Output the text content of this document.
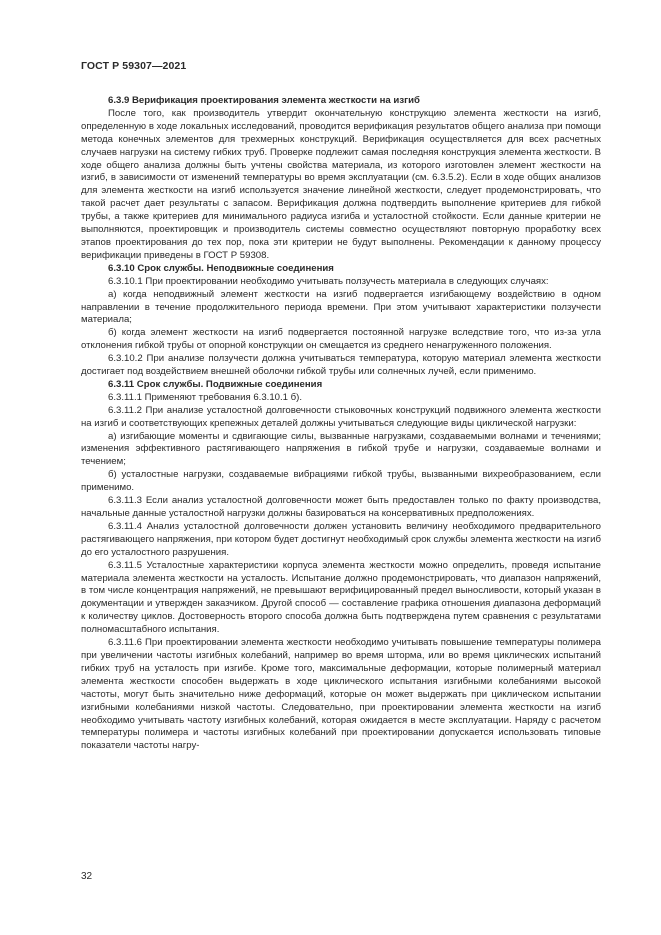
ГОСТ Р 59307—2021

6.3.9 Верификация проектирования элемента жесткости на изгиб

После того, как производитель утвердит окончательную конструкцию элемента жесткости на изгиб, определенную в ходе локальных исследований, проводится верификация результатов общего анализа при помощи метода конечных элементов для трехмерных конструкций. Верификация осуществляется для всех расчетных случаев нагрузки на систему гибких труб. Проверке подлежит самая последняя конструкция элемента жесткости. В ходе общего анализа должны быть учтены свойства материала, из которого изготовлен элемент жесткости на изгиб, в зависимости от изменений температуры во время эксплуатации (см. 6.3.5.2). Если в ходе общих анализов для элемента жесткости на изгиб используется значение линейной жесткости, следует продемонстрировать, что такой расчет дает результаты с запасом. Верификация должна подтвердить выполнение критериев для гибкой трубы, а также критериев для минимального радиуса изгиба и усталостной стойкости. Если данные критерии не выполняются, проектировщик и производитель системы совместно осуществляют повторную проработку всех этапов проектирования до тех пор, пока эти критерии не будут выполнены. Рекомендации к данному процессу верификации приведены в ГОСТ Р 59308.

6.3.10 Срок службы. Неподвижные соединения

6.3.10.1 При проектировании необходимо учитывать ползучесть материала в следующих случаях:

а) когда неподвижный элемент жесткости на изгиб подвергается изгибающему воздействию в одном направлении в течение продолжительного периода времени. При этом учитывают характеристики ползучести материала;

б) когда элемент жесткости на изгиб подвергается постоянной нагрузке вследствие того, что из-за угла отклонения гибкой трубы от опорной конструкции он смещается из среднего ненагруженного положения.

6.3.10.2 При анализе ползучести должна учитываться температура, которую материал элемента жесткости достигает под воздействием внешней оболочки гибкой трубы или солнечных лучей, если применимо.

6.3.11 Срок службы. Подвижные соединения

6.3.11.1 Применяют требования 6.3.10.1 б).

6.3.11.2 При анализе усталостной долговечности стыковочных конструкций подвижного элемента жесткости на изгиб и соответствующих крепежных деталей должны учитываться следующие виды циклической нагрузки:

а) изгибающие моменты и сдвигающие силы, вызванные нагрузками, создаваемыми волнами и течениями; изменения эффективного растягивающего напряжения в гибкой трубе и нагрузки, создаваемые волнами и течением;

б) усталостные нагрузки, создаваемые вибрациями гибкой трубы, вызванными вихреобразованием, если применимо.

6.3.11.3 Если анализ усталостной долговечности может быть предоставлен только по факту производства, начальные данные усталостной нагрузки должны базироваться на консервативных предположениях.

6.3.11.4 Анализ усталостной долговечности должен установить величину необходимого предварительного растягивающего напряжения, при котором будет достигнут необходимый срок службы элемента жесткости на изгиб до его усталостного разрушения.

6.3.11.5 Усталостные характеристики корпуса элемента жесткости можно определить, проведя испытание материала элемента жесткости на усталость. Испытание должно продемонстрировать, что диапазон напряжений, в том числе концентрация напряжений, не превышают верифицированный предел выносливости, который указан в документации и утвержден заказчиком. Другой способ — составление графика отношения диапазона деформаций к количеству циклов. Достоверность второго способа должна быть подтверждена путем сравнения с результатами полномасштабного испытания.

6.3.11.6 При проектировании элемента жесткости необходимо учитывать повышение температуры полимера при увеличении частоты изгибных колебаний, например во время шторма, или во время циклических испытаний гибких труб на усталость при изгибе. Кроме того, максимальные деформации, которые полимерный материал элемента жесткости способен выдержать в ходе циклического испытания изгибными колебаниями высокой частоты, могут быть значительно ниже деформаций, которые он может выдержать при циклическом испытании изгибными колебаниями низкой частоты. Следовательно, при проектировании элемента жесткости на изгиб необходимо учитывать частоту изгибных колебаний, которая ожидается в месте эксплуатации. Наряду с расчетом температуры полимера и частоты изгибных колебаний при проектировании допускается использовать типовые показатели частоты нагру-

32
